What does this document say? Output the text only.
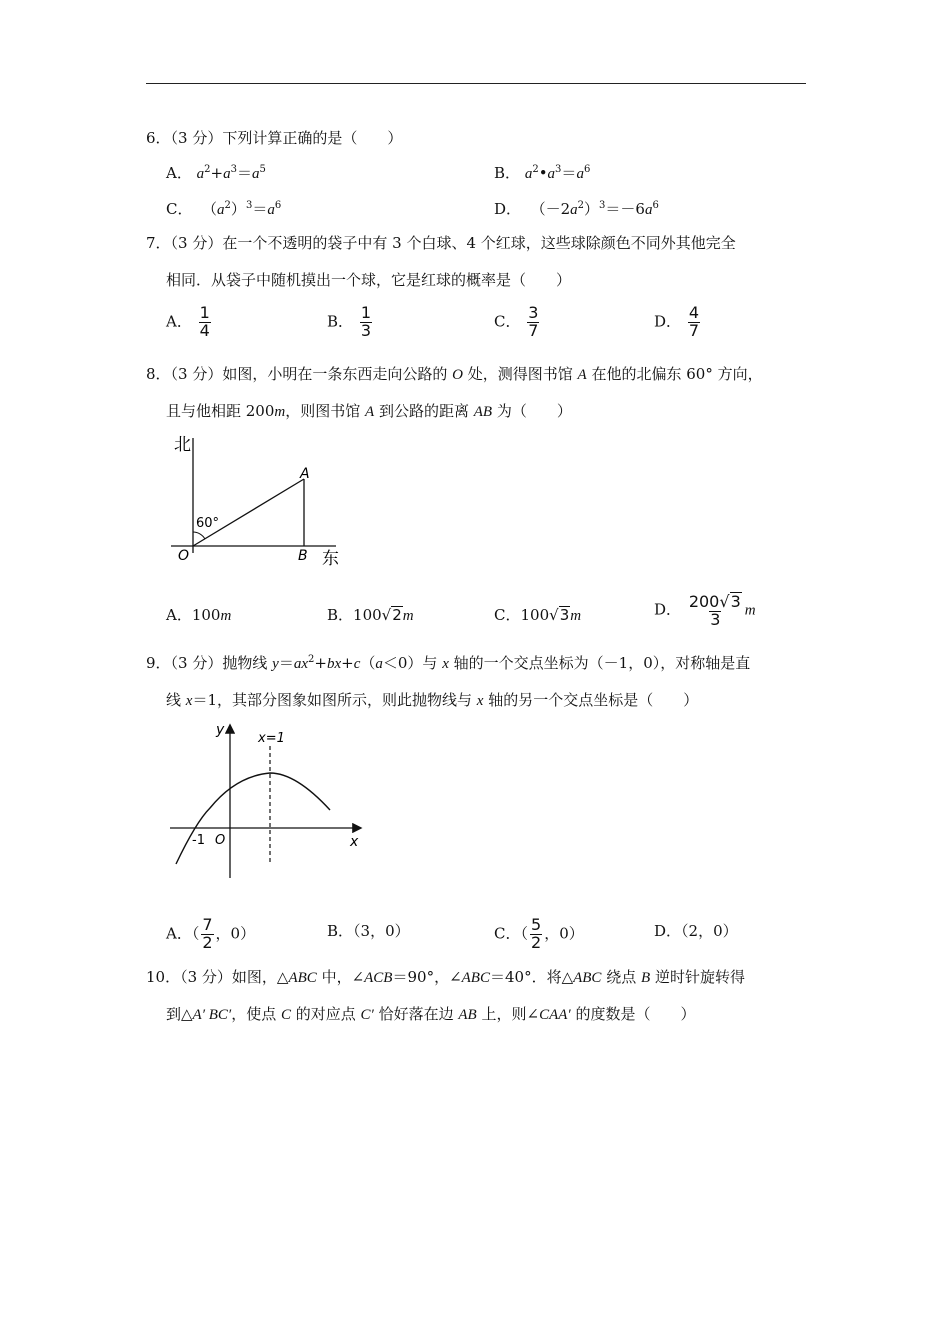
6．（3 分）下列计算正确的是（　　）
A． $a^2+a^3=a^5$	B． $a^2•a^3=a^6$
C．  $(a^2)^3=a^6$	D．  $(-2a^2)^3=-6a^6$
7．（3 分）在一个不透明的袋子中有 3 个白球、4 个红球，这些球除颜色不同外其他完全
相同．从袋子中随机摸出一个球，它是红球的概率是（　　）
A． $\frac{1}{4}$	B． $\frac{1}{3}$	C． $\frac{3}{7}$	D． $\frac{4}{7}$
8．（3 分）如图，小明在一条东西走向公路的 O 处，测得图书馆 A 在他的北偏东 60° 方向，
且与他相距 200m，则图书馆 A 到公路的距离 AB 为（　　）
北
东
60°
O
A
B
A．100m	B．100√2m	C．100√3m	D． $\frac{200√3}{3}$ m
9．（3 分）抛物线 $y=ax^2+bx+c(a<0)$与 x 轴的一个交点坐标为（－1，0），对称轴是直
线 x＝1，其部分图象如图所示，则此抛物线与 x 轴的另一个交点坐标是（　　）
y
x
x=1
-1 O
A．（ $\frac{7}{2}$ ，0）	B．（3，0）	C．（ $\frac{5}{2}$ ，0）	D．（2，0）
10．（3 分）如图，△ABC 中，∠ACB＝90°，∠ABC＝40°．将△ABC 绕点 B 逆时针旋转得
到△A′ BC′，使点 C 的对应点 C′ 恰好落在边 AB 上，则∠CAA′ 的度数是（　　）
